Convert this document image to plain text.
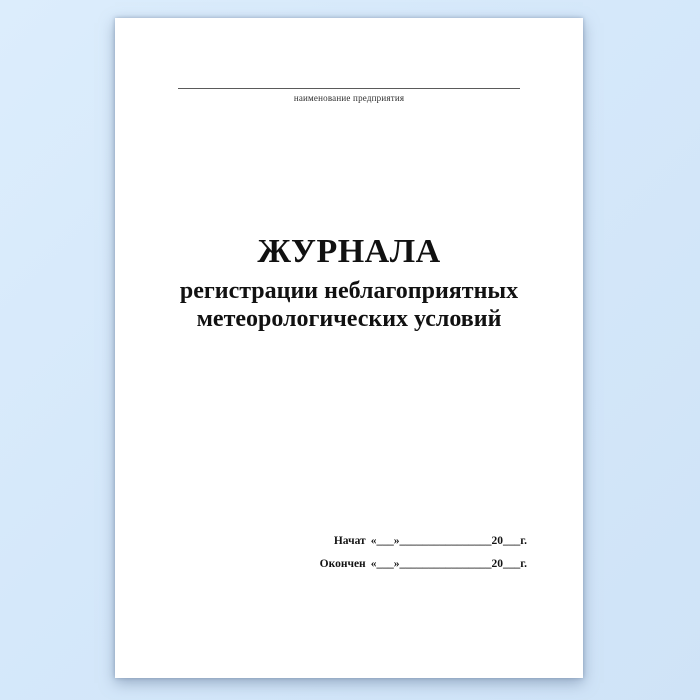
наименование предприятия
ЖУРНАЛА
регистрации неблагоприятных
метеорологических условий
Начат «___»________________20___г.
Окончен «___»________________20___г.
